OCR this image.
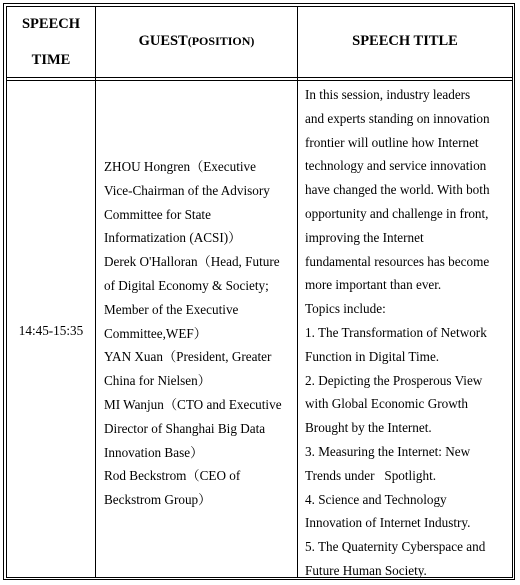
SPEECH
TIME
GUEST (POSITION)	SPEECH TITLE
14:45-15:35
ZHOU Hongren（Executive
Vice-Chairman of the Advisory
Committee for State
Informatization (ACSI)）
Derek O'Halloran（Head, Future
of Digital Economy & Society;
Member of the Executive
Committee,WEF）
YAN Xuan（President, Greater
China for Nielsen）
MI Wanjun（CTO and Executive
Director of Shanghai Big Data
Innovation Base）
Rod Beckstrom（CEO of
Beckstrom Group）
In this session, industry leaders
and experts standing on innovation
frontier will outline how Internet
technology and service innovation
have changed the world. With both
opportunity and challenge in front,
improving the Internet
fundamental resources has become
more important than ever.
Topics include:
1. The Transformation of Network
Function in Digital Time.
2. Depicting the Prosperous View
with Global Economic Growth
Brought by the Internet.
3. Measuring the Internet: New
Trends under   Spotlight.
4. Science and Technology
Innovation of Internet Industry.
5. The Quaternity Cyberspace and
Future Human Society.
